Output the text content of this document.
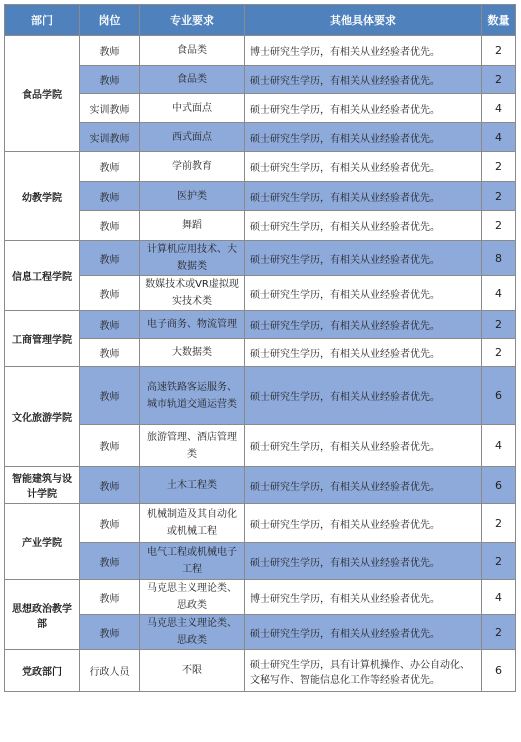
部门	岗位	专业要求	其他具体要求	数量
食品学院	教师	食品类	博士研究生学历，有相关从业经验者优先。	2
	教师	食品类	硕士研究生学历，有相关从业经验者优先。	2
	实训教师	中式面点	硕士研究生学历，有相关从业经验者优先。	4
	实训教师	西式面点	硕士研究生学历，有相关从业经验者优先。	4
幼教学院	教师	学前教育	硕士研究生学历，有相关从业经验者优先。	2
	教师	医护类	硕士研究生学历，有相关从业经验者优先。	2
	教师	舞蹈	硕士研究生学历，有相关从业经验者优先。	2
信息工程学院	教师	计算机应用技术、大数据类	硕士研究生学历，有相关从业经验者优先。	8
	教师	数媒技术或VR虚拟现实技术类	硕士研究生学历，有相关从业经验者优先。	4
工商管理学院	教师	电子商务、物流管理	硕士研究生学历，有相关从业经验者优先。	2
	教师	大数据类	硕士研究生学历，有相关从业经验者优先。	2
文化旅游学院	教师	高速铁路客运服务、城市轨道交通运营类	硕士研究生学历，有相关从业经验者优先。	6
	教师	旅游管理、酒店管理类	硕士研究生学历，有相关从业经验者优先。	4
智能建筑与设计学院	教师	土木工程类	硕士研究生学历，有相关从业经验者优先。	6
产业学院	教师	机械制造及其自动化或机械工程	硕士研究生学历，有相关从业经验者优先。	2
	教师	电气工程或机械电子工程	硕士研究生学历，有相关从业经验者优先。	2
思想政治教学部	教师	马克思主义理论类、思政类	博士研究生学历，有相关从业经验者优先。	4
	教师	马克思主义理论类、思政类	硕士研究生学历，有相关从业经验者优先。	2
党政部门	行政人员	不限	硕士研究生学历，具有计算机操作、办公自动化、文秘写作、智能信息化工作等经验者优先。	6
